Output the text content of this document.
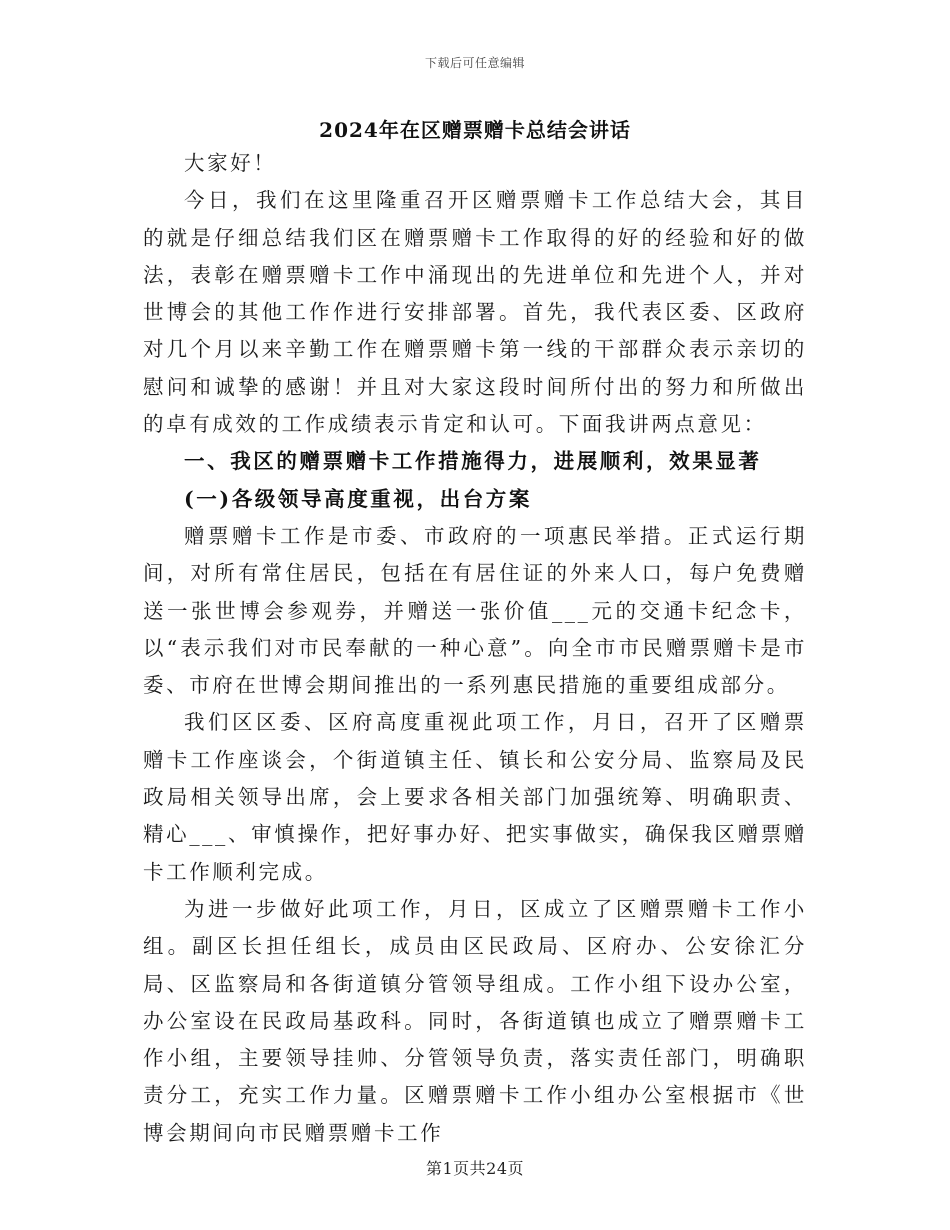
下载后可任意编辑
2024年在区赠票赠卡总结会讲话

大家好！

今日，我们在这里隆重召开区赠票赠卡工作总结大会，其目的就是仔细总结我们区在赠票赠卡工作取得的好的经验和好的做法，表彰在赠票赠卡工作中涌现出的先进单位和先进个人，并对世博会的其他工作作进行安排部署。首先，我代表区委、区政府对几个月以来辛勤工作在赠票赠卡第一线的干部群众表示亲切的慰问和诚挚的感谢！并且对大家这段时间所付出的努力和所做出的卓有成效的工作成绩表示肯定和认可。下面我讲两点意见：

一、我区的赠票赠卡工作措施得力，进展顺利，效果显著

(一)各级领导高度重视，出台方案

赠票赠卡工作是市委、市政府的一项惠民举措。正式运行期间，对所有常住居民，包括在有居住证的外来人口，每户免费赠送一张世博会参观券，并赠送一张价值___元的交通卡纪念卡，以“表示我们对市民奉献的一种心意”。向全市市民赠票赠卡是市委、市府在世博会期间推出的一系列惠民措施的重要组成部分。

我们区区委、区府高度重视此项工作，月日，召开了区赠票赠卡工作座谈会，个街道镇主任、镇长和公安分局、监察局及民政局相关领导出席，会上要求各相关部门加强统筹、明确职责、精心___、审慎操作，把好事办好、把实事做实，确保我区赠票赠卡工作顺利完成。

为进一步做好此项工作，月日，区成立了区赠票赠卡工作小组。副区长担任组长，成员由区民政局、区府办、公安徐汇分局、区监察局和各街道镇分管领导组成。工作小组下设办公室，办公室设在民政局基政科。同时，各街道镇也成立了赠票赠卡工作小组，主要领导挂帅、分管领导负责，落实责任部门，明确职责分工，充实工作力量。区赠票赠卡工作小组办公室根据市《世博会期间向市民赠票赠卡工作

第1页共24页
